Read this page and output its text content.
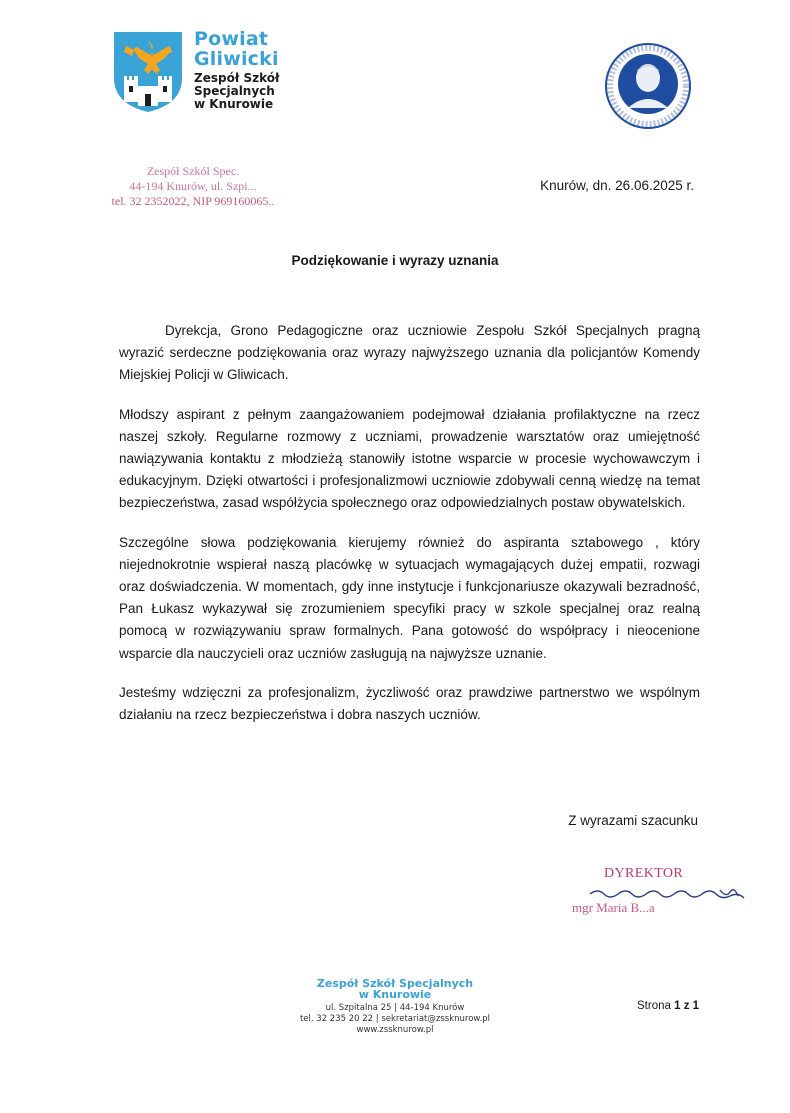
Powiat
Gliwicki
Zespół Szkół
Specjalnych
w Knurowie
Zespół Szkół Spec.
44-194 Knurów, ul. Szpi...
tel. 32 2352022, NIP 969160065..
Knurów, dn. 26.06.2025 r.
Podziękowanie i wyrazy uznania

Dyrekcja, Grono Pedagogiczne oraz uczniowie Zespołu Szkół Specjalnych pragną wyrazić serdeczne podziękowania oraz wyrazy najwyższego uznania dla policjantów Komendy Miejskiej Policji w Gliwicach.

Młodszy aspirant z pełnym zaangażowaniem podejmował działania profilaktyczne na rzecz naszej szkoły. Regularne rozmowy z uczniami, prowadzenie warsztatów oraz umiejętność nawiązywania kontaktu z młodzieżą stanowiły istotne wsparcie w procesie wychowawczym i edukacyjnym. Dzięki otwartości i profesjonalizmowi uczniowie zdobywali cenną wiedzę na temat bezpieczeństwa, zasad współżycia społecznego oraz odpowiedzialnych postaw obywatelskich.

Szczególne słowa podziękowania kierujemy również do aspiranta sztabowego , który niejednokrotnie wspierał naszą placówkę w sytuacjach wymagających dużej empatii, rozwagi oraz doświadczenia. W momentach, gdy inne instytucje i funkcjonariusze okazywali bezradność, Pan Łukasz wykazywał się zrozumieniem specyfiki pracy w szkole specjalnej oraz realną pomocą w rozwiązywaniu spraw formalnych. Pana gotowość do współpracy i nieocenione wsparcie dla nauczycieli oraz uczniów zasługują na najwyższe uznanie.

Jesteśmy wdzięczni za profesjonalizm, życzliwość oraz prawdziwe partnerstwo we wspólnym działaniu na rzecz bezpieczeństwa i dobra naszych uczniów.

Z wyrazami szacunku
DYREKTOR
mgr Maria B...a
Zespół Szkół Specjalnych
w Knurowie
ul. Szpitalna 25 | 44-194 Knurów
tel. 32 235 20 22 | sekretariat@zssknurow.pl
www.zssknurow.pl
Strona 1 z 1
